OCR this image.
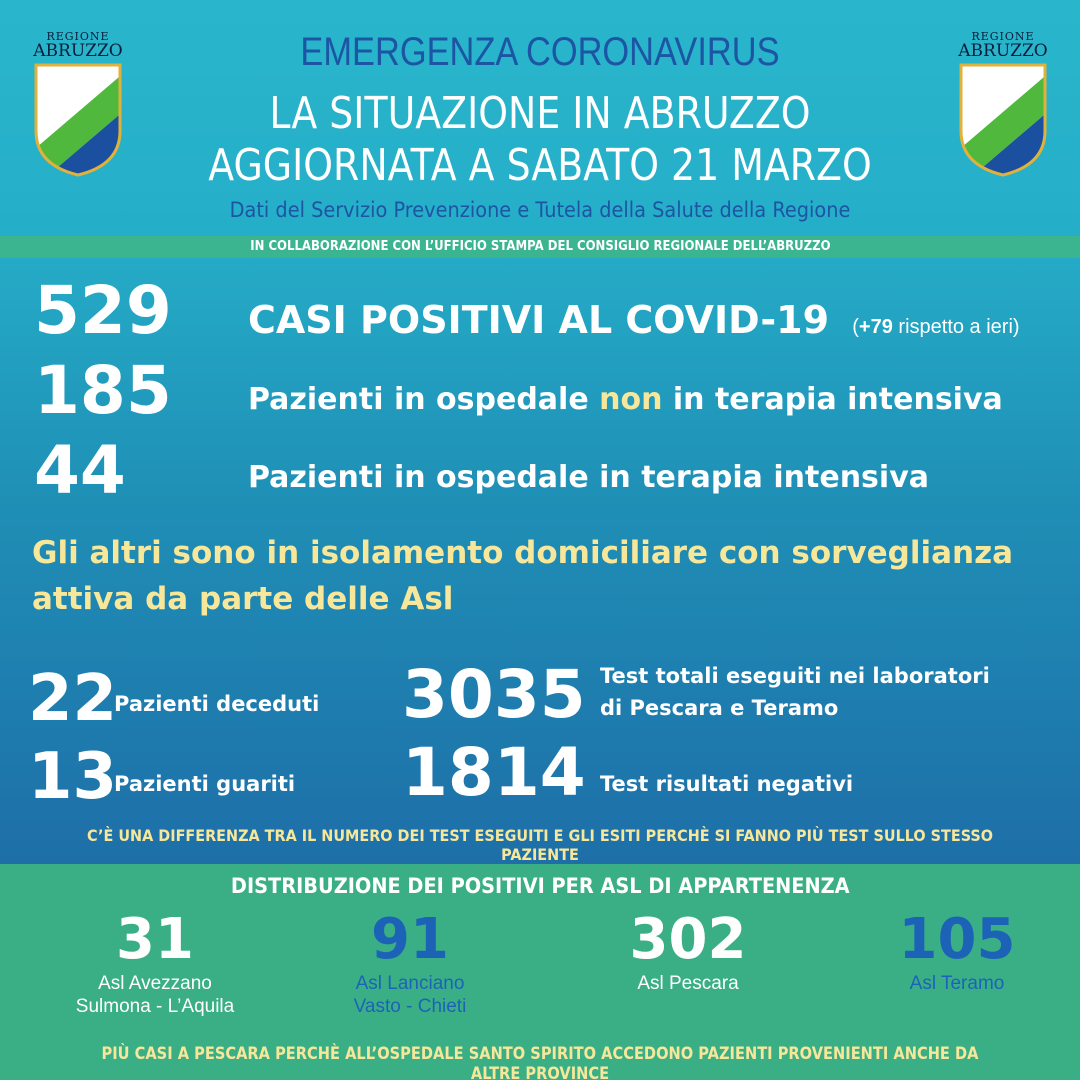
EMERGENZA CORONAVIRUS
LA SITUAZIONE IN ABRUZZO
AGGIORNATA A SABATO 21 MARZO
Dati del Servizio Prevenzione e Tutela della Salute della Regione
REGIONE
ABRUZZO
REGIONE
ABRUZZO
IN COLLABORAZIONE CON L’UFFICIO STAMPA DEL CONSIGLIO REGIONALE DELL’ABRUZZO
529 CASI POSITIVI AL COVID-19 (+79 rispetto a ieri)
185	Pazienti in ospedale non in terapia intensiva
44	Pazienti in ospedale in terapia intensiva
Gli altri sono in isolamento domiciliare con sorveglianza
attiva da parte delle Asl
22
Pazienti deceduti
13
Pazienti guariti
3035 Test totali eseguiti nei laboratori
di Pescara e Teramo
1814 Test risultati negativi
C’È UNA DIFFERENZA TRA IL NUMERO DEI TEST ESEGUITI E GLI ESITI PERCHÈ SI FANNO PIÙ TEST SULLO STESSO PAZIENTE
DISTRIBUZIONE DEI POSITIVI PER ASL DI APPARTENENZA
31
Asl Avezzano
Sulmona - L’Aquila
91
Asl Lanciano
Vasto - Chieti
302
Asl Pescara
105
Asl Teramo
PIÙ CASI A PESCARA PERCHÈ ALL’OSPEDALE SANTO SPIRITO ACCEDONO PAZIENTI PROVENIENTI ANCHE DA ALTRE PROVINCE
